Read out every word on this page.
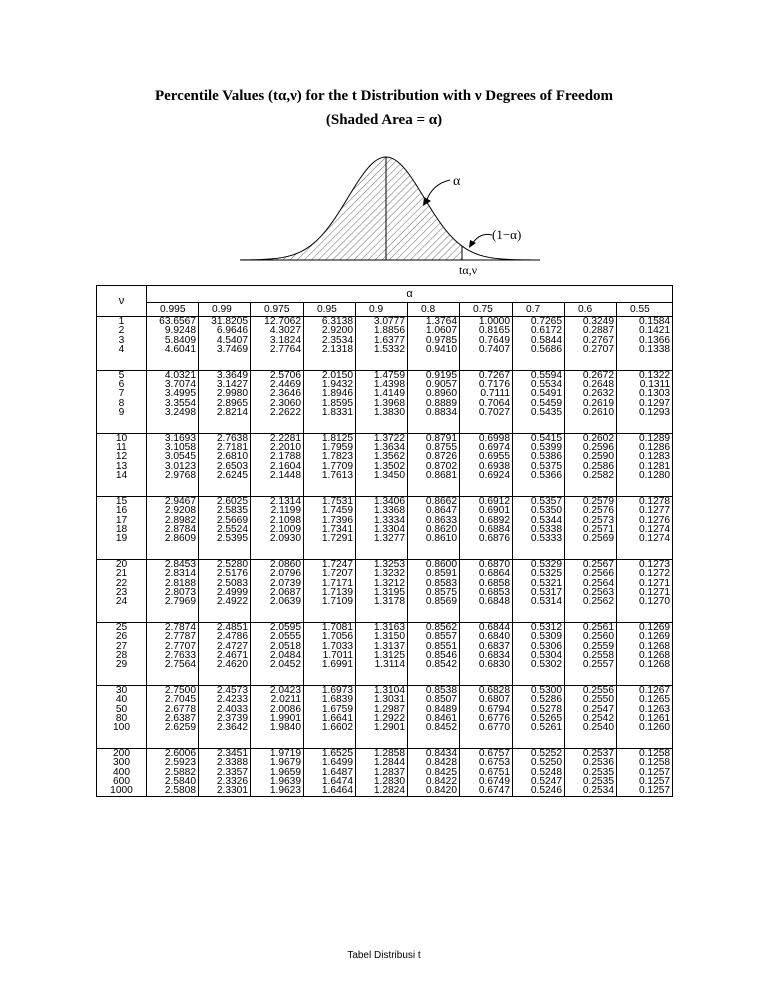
Percentile Values (tα,ν) for the t Distribution with ν Degrees of Freedom
(Shaded Area = α)
α
(1−α)
tα,ν
ν	α									
	0.995	0.99	0.975	0.95	0.9	0.8	0.75	0.7	0.6	0.55
1	63.6567	31.8205	12.7062	6.3138	3.0777	1.3764	1.0000	0.7265	0.3249	0.1584
2	9.9248	6.9646	4.3027	2.9200	1.8856	1.0607	0.8165	0.6172	0.2887	0.1421
3	5.8409	4.5407	3.1824	2.3534	1.6377	0.9785	0.7649	0.5844	0.2767	0.1366
4	4.6041	3.7469	2.7764	2.1318	1.5332	0.9410	0.7407	0.5686	0.2707	0.1338

5	4.0321	3.3649	2.5706	2.0150	1.4759	0.9195	0.7267	0.5594	0.2672	0.1322
6	3.7074	3.1427	2.4469	1.9432	1.4398	0.9057	0.7176	0.5534	0.2648	0.1311
7	3.4995	2.9980	2.3646	1.8946	1.4149	0.8960	0.7111	0.5491	0.2632	0.1303
8	3.3554	2.8965	2.3060	1.8595	1.3968	0.8889	0.7064	0.5459	0.2619	0.1297
9	3.2498	2.8214	2.2622	1.8331	1.3830	0.8834	0.7027	0.5435	0.2610	0.1293

10	3.1693	2.7638	2.2281	1.8125	1.3722	0.8791	0.6998	0.5415	0.2602	0.1289
11	3.1058	2.7181	2.2010	1.7959	1.3634	0.8755	0.6974	0.5399	0.2596	0.1286
12	3.0545	2.6810	2.1788	1.7823	1.3562	0.8726	0.6955	0.5386	0.2590	0.1283
13	3.0123	2.6503	2.1604	1.7709	1.3502	0.8702	0.6938	0.5375	0.2586	0.1281
14	2.9768	2.6245	2.1448	1.7613	1.3450	0.8681	0.6924	0.5366	0.2582	0.1280

15	2.9467	2.6025	2.1314	1.7531	1.3406	0.8662	0.6912	0.5357	0.2579	0.1278
16	2.9208	2.5835	2.1199	1.7459	1.3368	0.8647	0.6901	0.5350	0.2576	0.1277
17	2.8982	2.5669	2.1098	1.7396	1.3334	0.8633	0.6892	0.5344	0.2573	0.1276
18	2.8784	2.5524	2.1009	1.7341	1.3304	0.8620	0.6884	0.5338	0.2571	0.1274
19	2.8609	2.5395	2.0930	1.7291	1.3277	0.8610	0.6876	0.5333	0.2569	0.1274

20	2.8453	2.5280	2.0860	1.7247	1.3253	0.8600	0.6870	0.5329	0.2567	0.1273
21	2.8314	2.5176	2.0796	1.7207	1.3232	0.8591	0.6864	0.5325	0.2566	0.1272
22	2.8188	2.5083	2.0739	1.7171	1.3212	0.8583	0.6858	0.5321	0.2564	0.1271
23	2.8073	2.4999	2.0687	1.7139	1.3195	0.8575	0.6853	0.5317	0.2563	0.1271
24	2.7969	2.4922	2.0639	1.7109	1.3178	0.8569	0.6848	0.5314	0.2562	0.1270

25	2.7874	2.4851	2.0595	1.7081	1.3163	0.8562	0.6844	0.5312	0.2561	0.1269
26	2.7787	2.4786	2.0555	1.7056	1.3150	0.8557	0.6840	0.5309	0.2560	0.1269
27	2.7707	2.4727	2.0518	1.7033	1.3137	0.8551	0.6837	0.5306	0.2559	0.1268
28	2.7633	2.4671	2.0484	1.7011	1.3125	0.8546	0.6834	0.5304	0.2558	0.1268
29	2.7564	2.4620	2.0452	1.6991	1.3114	0.8542	0.6830	0.5302	0.2557	0.1268

30	2.7500	2.4573	2.0423	1.6973	1.3104	0.8538	0.6828	0.5300	0.2556	0.1267
40	2.7045	2.4233	2.0211	1.6839	1.3031	0.8507	0.6807	0.5286	0.2550	0.1265
50	2.6778	2.4033	2.0086	1.6759	1.2987	0.8489	0.6794	0.5278	0.2547	0.1263
80	2.6387	2.3739	1.9901	1.6641	1.2922	0.8461	0.6776	0.5265	0.2542	0.1261
100	2.6259	2.3642	1.9840	1.6602	1.2901	0.8452	0.6770	0.5261	0.2540	0.1260

200	2.6006	2.3451	1.9719	1.6525	1.2858	0.8434	0.6757	0.5252	0.2537	0.1258
300	2.5923	2.3388	1.9679	1.6499	1.2844	0.8428	0.6753	0.5250	0.2536	0.1258
400	2.5882	2.3357	1.9659	1.6487	1.2837	0.8425	0.6751	0.5248	0.2535	0.1257
600	2.5840	2.3326	1.9639	1.6474	1.2830	0.8422	0.6749	0.5247	0.2535	0.1257
1000	2.5808	2.3301	1.9623	1.6464	1.2824	0.8420	0.6747	0.5246	0.2534	0.1257
Tabel Distribusi t
